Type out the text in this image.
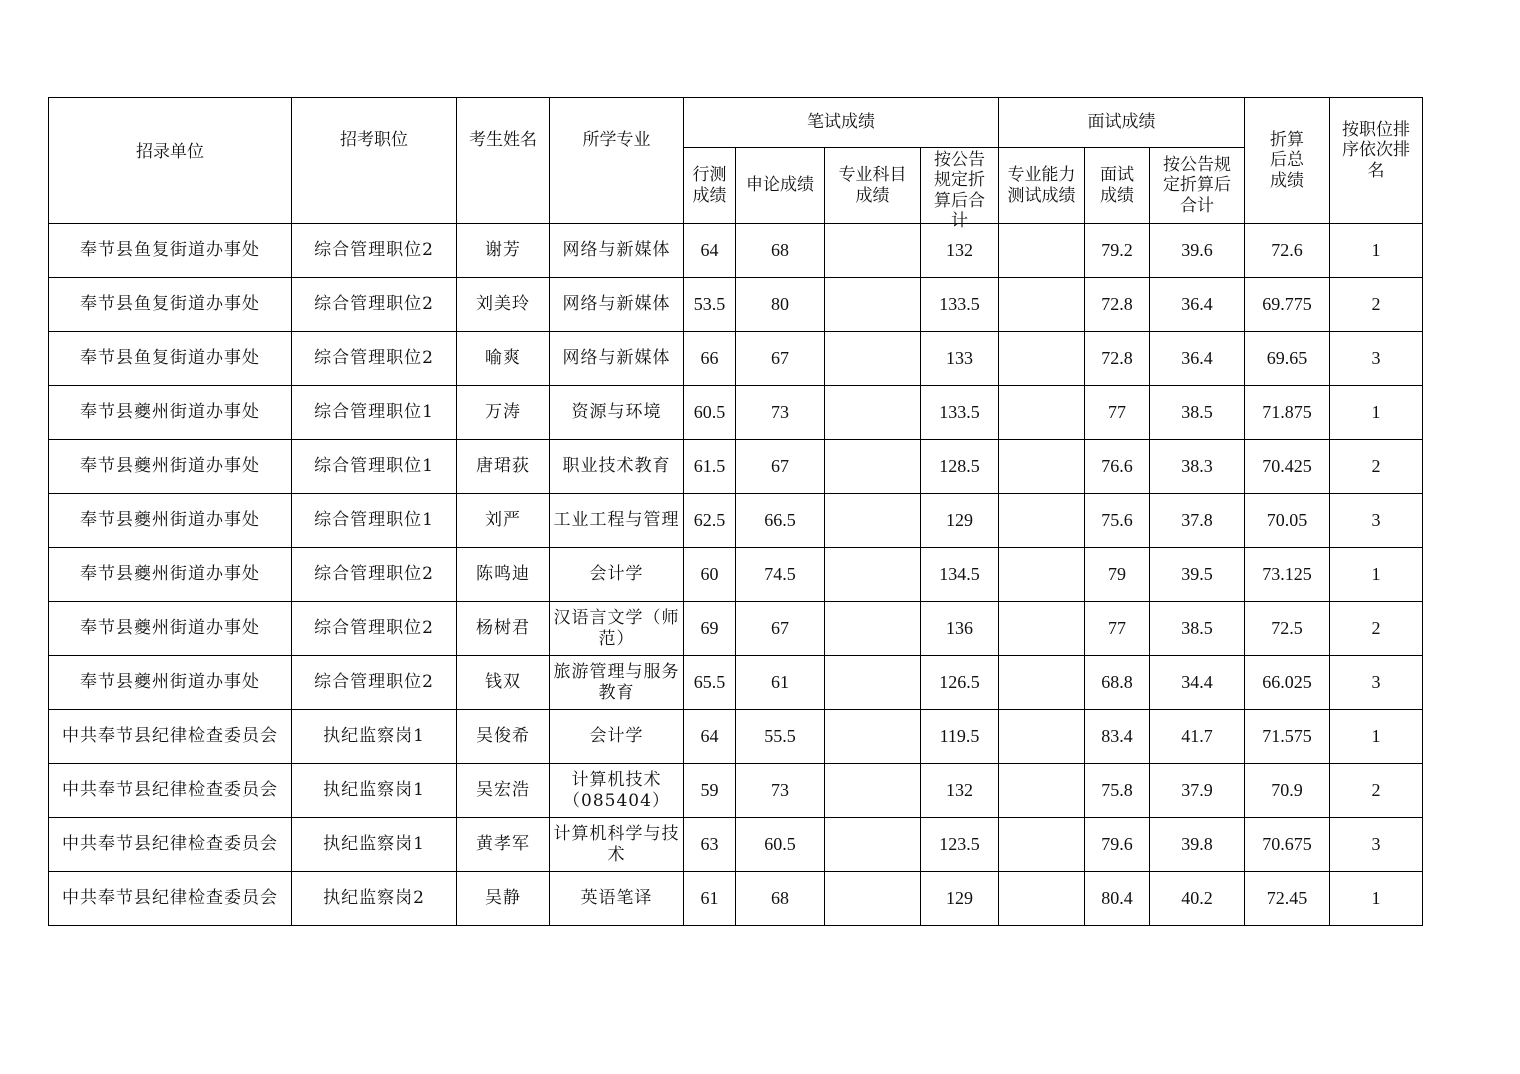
招录单位	招考职位	考生姓名	所学专业	笔试成绩				面试成绩			折算后总成绩	按职位排序依次排名
				行测成绩	申论成绩	专业科目成绩	按公告规定折算后合计	专业能力测试成绩	面试成绩	按公告规定折算后合计		
奉节县鱼复街道办事处	综合管理职位2	谢芳	网络与新媒体	64	68		132		79.2	39.6	72.6	1
奉节县鱼复街道办事处	综合管理职位2	刘美玲	网络与新媒体	53.5	80		133.5		72.8	36.4	69.775	2
奉节县鱼复街道办事处	综合管理职位2	喻爽	网络与新媒体	66	67		133		72.8	36.4	69.65	3
奉节县夔州街道办事处	综合管理职位1	万涛	资源与环境	60.5	73		133.5		77	38.5	71.875	1
奉节县夔州街道办事处	综合管理职位1	唐珺荻	职业技术教育	61.5	67		128.5		76.6	38.3	70.425	2
奉节县夔州街道办事处	综合管理职位1	刘严	工业工程与管理	62.5	66.5		129		75.6	37.8	70.05	3
奉节县夔州街道办事处	综合管理职位2	陈鸣迪	会计学	60	74.5		134.5		79	39.5	73.125	1
奉节县夔州街道办事处	综合管理职位2	杨树君	汉语言文学（师范）	69	67		136		77	38.5	72.5	2
奉节县夔州街道办事处	综合管理职位2	钱双	旅游管理与服务教育	65.5	61		126.5		68.8	34.4	66.025	3
中共奉节县纪律检查委员会	执纪监察岗1	吴俊希	会计学	64	55.5		119.5		83.4	41.7	71.575	1
中共奉节县纪律检查委员会	执纪监察岗1	吴宏浩	计算机技术（085404）	59	73		132		75.8	37.9	70.9	2
中共奉节县纪律检查委员会	执纪监察岗1	黄孝军	计算机科学与技术	63	60.5		123.5		79.6	39.8	70.675	3
中共奉节县纪律检查委员会	执纪监察岗2	吴静	英语笔译	61	68		129		80.4	40.2	72.45	1
